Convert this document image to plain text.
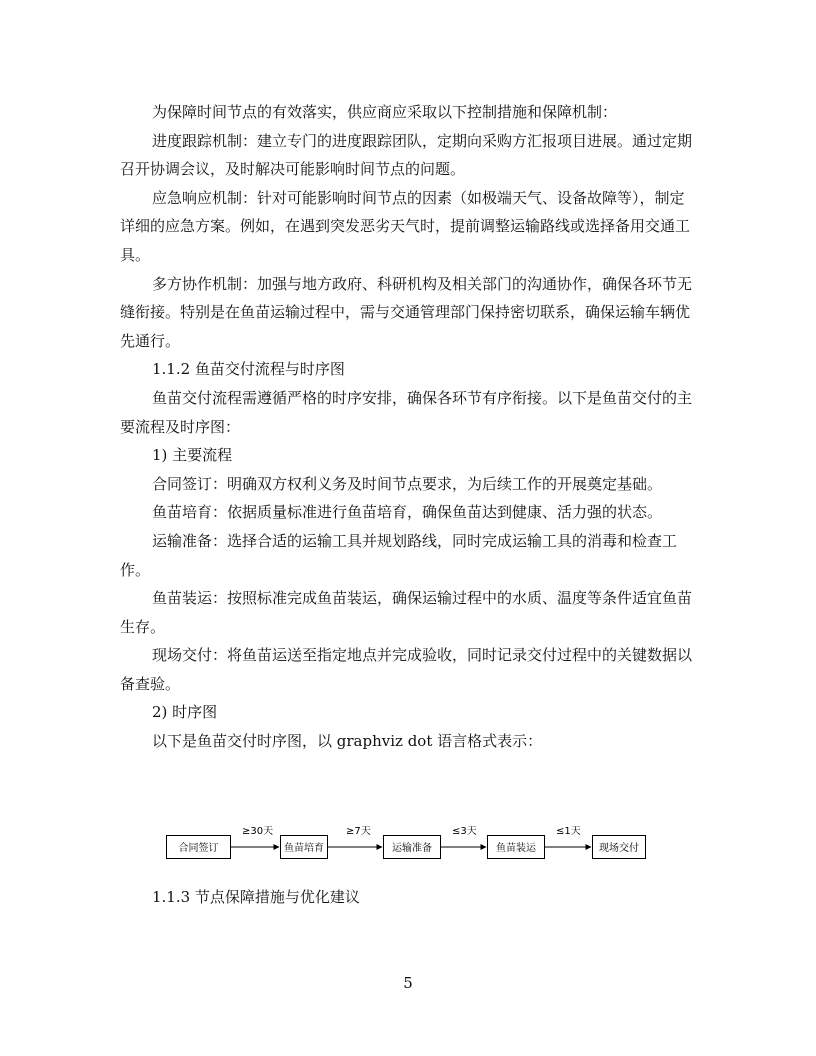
为保障时间节点的有效落实，供应商应采取以下控制措施和保障机制：

进度跟踪机制：建立专门的进度跟踪团队，定期向采购方汇报项目进展。通过定期召开协调会议，及时解决可能影响时间节点的问题。

应急响应机制：针对可能影响时间节点的因素（如极端天气、设备故障等），制定详细的应急方案。例如，在遇到突发恶劣天气时，提前调整运输路线或选择备用交通工具。

多方协作机制：加强与地方政府、科研机构及相关部门的沟通协作，确保各环节无缝衔接。特别是在鱼苗运输过程中，需与交通管理部门保持密切联系，确保运输车辆优先通行。

1.1.2 鱼苗交付流程与时序图

鱼苗交付流程需遵循严格的时序安排，确保各环节有序衔接。以下是鱼苗交付的主要流程及时序图：

1) 主要流程

合同签订：明确双方权利义务及时间节点要求，为后续工作的开展奠定基础。

鱼苗培育：依据质量标准进行鱼苗培育，确保鱼苗达到健康、活力强的状态。

运输准备：选择合适的运输工具并规划路线，同时完成运输工具的消毒和检查工作。

鱼苗装运：按照标准完成鱼苗装运，确保运输过程中的水质、温度等条件适宜鱼苗生存。

现场交付：将鱼苗运送至指定地点并完成验收，同时记录交付过程中的关键数据以备查验。

2) 时序图

以下是鱼苗交付时序图，以 graphviz dot 语言格式表示：

合同签订	鱼苗培育	运输准备	鱼苗装运	现场交付
≥30天	≥7天	≤3天	≤1天

1.1.3 节点保障措施与优化建议

5
